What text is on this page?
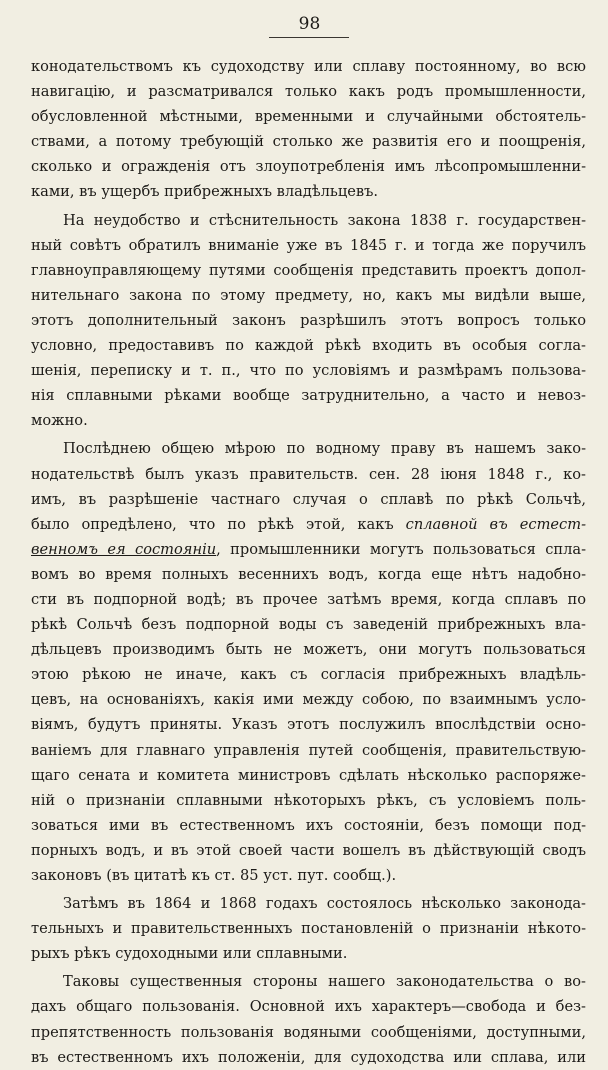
98
конодательствомъ къ судоходству или сплаву постоянному, во всю
навигацію, и разсматривался только какъ родъ промышленности,
обусловленной мѣстными, временными и случайными обстоятель-
ствами, а потому требующій столько же развитія его и поощренія,
сколько и огражденія отъ злоупотребленія имъ лѣсопромышленни-
ками, въ ущербъ прибрежныхъ владѣльцевъ.
На неудобство и стѣснительность закона 1838 г. государствен-
ный совѣтъ обратилъ вниманіе уже въ 1845 г. и тогда же поручилъ
главноуправляющему путями сообщенія представить проектъ допол-
нительнаго закона по этому предмету, но, какъ мы видѣли выше,
этотъ дополнительный законъ разрѣшилъ этотъ вопросъ только
условно, предоставивъ по каждой рѣкѣ входить въ особыя согла-
шенія, переписку и т. п., что по условіямъ и размѣрамъ пользова-
нія сплавными рѣками вообще затруднительно, а часто и невоз-
можно.
Послѣднею общею мѣрою по водному праву въ нашемъ зако-
нодательствѣ былъ указъ правительств. сен. 28 іюня 1848 г., ко-
имъ, въ разрѣшеніе частнаго случая о сплавѣ по рѣкѣ Сольчѣ,
было опредѣлено, что по рѣкѣ этой, какъ сплавной въ естест-
венномъ ея состояніи, промышленники могутъ пользоваться спла-
вомъ во время полныхъ весеннихъ водъ, когда еще нѣтъ надобно-
сти въ подпорной водѣ; въ прочее затѣмъ время, когда сплавъ по
рѣкѣ Сольчѣ безъ подпорной воды съ заведеній прибрежныхъ вла-
дѣльцевъ производимъ быть не можетъ, они могутъ пользоваться
этою рѣкою не иначе, какъ съ согласія прибрежныхъ владѣль-
цевъ, на основаніяхъ, какія ими между собою, по взаимнымъ усло-
віямъ, будутъ приняты. Указъ этотъ послужилъ впослѣдствіи осно-
ваніемъ для главнаго управленія путей сообщенія, правительствую-
щаго сената и комитета министровъ сдѣлать нѣсколько распоряже-
ній о признаніи сплавными нѣкоторыхъ рѣкъ, съ условіемъ поль-
зоваться ими въ естественномъ ихъ состояніи, безъ помощи под-
порныхъ водъ, и въ этой своей части вошелъ въ дѣйствующій сводъ
законовъ (въ цитатѣ къ ст. 85 уст. пут. сообщ.).
Затѣмъ въ 1864 и 1868 годахъ состоялось нѣсколько законода-
тельныхъ и правительственныхъ постановленій о признаніи нѣкото-
рыхъ рѣкъ судоходными или сплавными.
Таковы существенныя стороны нашего законодательства о во-
дахъ общаго пользованія. Основной ихъ характеръ—свобода и без-
препятственность пользованія водяными сообщеніями, доступными,
въ естественномъ ихъ положеніи, для судоходства или сплава, или
